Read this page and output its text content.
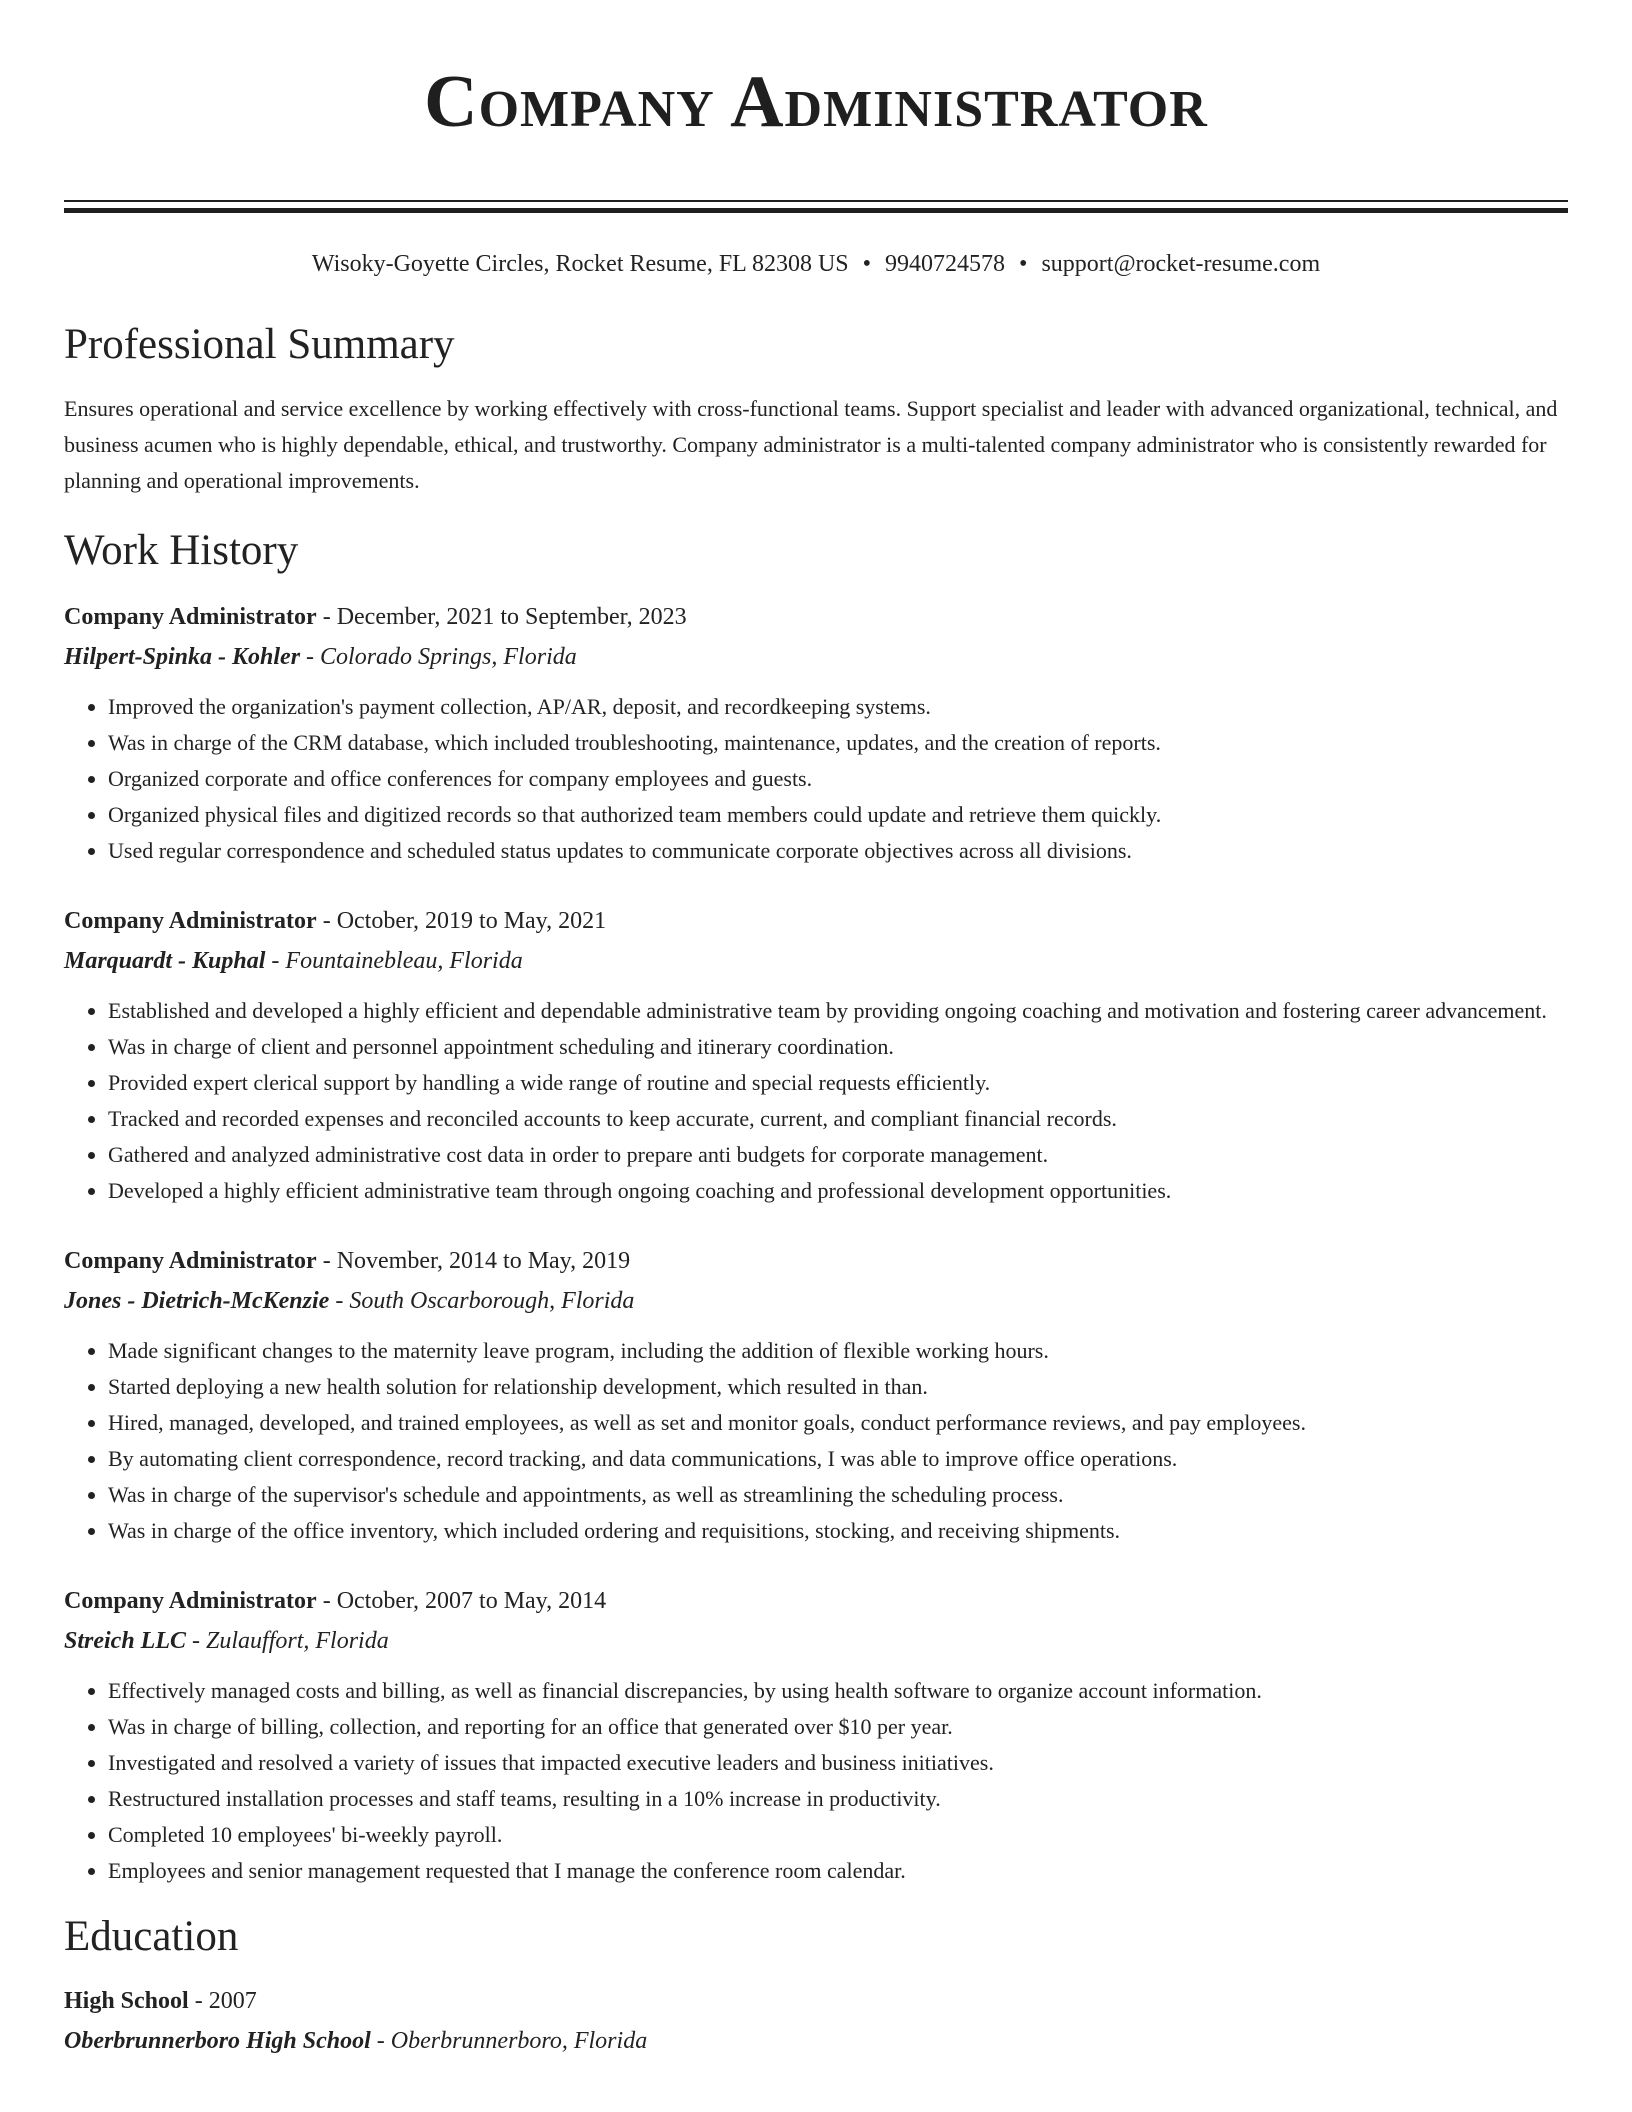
Company Administrator
Wisoky-Goyette Circles, Rocket Resume, FL 82308 US • 9940724578 • support@rocket-resume.com
Professional Summary
Ensures operational and service excellence by working effectively with cross-functional teams. Support specialist and leader with advanced organizational, technical, and business acumen who is highly dependable, ethical, and trustworthy. Company administrator is a multi-talented company administrator who is consistently rewarded for planning and operational improvements.
Work History
Company Administrator - December, 2021 to September, 2023
Hilpert-Spinka - Kohler - Colorado Springs, Florida
• Improved the organization's payment collection, AP/AR, deposit, and recordkeeping systems.
• Was in charge of the CRM database, which included troubleshooting, maintenance, updates, and the creation of reports.
• Organized corporate and office conferences for company employees and guests.
• Organized physical files and digitized records so that authorized team members could update and retrieve them quickly.
• Used regular correspondence and scheduled status updates to communicate corporate objectives across all divisions.
Company Administrator - October, 2019 to May, 2021
Marquardt - Kuphal - Fountainebleau, Florida
• Established and developed a highly efficient and dependable administrative team by providing ongoing coaching and motivation and fostering career advancement.
• Was in charge of client and personnel appointment scheduling and itinerary coordination.
• Provided expert clerical support by handling a wide range of routine and special requests efficiently.
• Tracked and recorded expenses and reconciled accounts to keep accurate, current, and compliant financial records.
• Gathered and analyzed administrative cost data in order to prepare anti budgets for corporate management.
• Developed a highly efficient administrative team through ongoing coaching and professional development opportunities.
Company Administrator - November, 2014 to May, 2019
Jones - Dietrich-McKenzie - South Oscarborough, Florida
• Made significant changes to the maternity leave program, including the addition of flexible working hours.
• Started deploying a new health solution for relationship development, which resulted in than.
• Hired, managed, developed, and trained employees, as well as set and monitor goals, conduct performance reviews, and pay employees.
• By automating client correspondence, record tracking, and data communications, I was able to improve office operations.
• Was in charge of the supervisor's schedule and appointments, as well as streamlining the scheduling process.
• Was in charge of the office inventory, which included ordering and requisitions, stocking, and receiving shipments.
Company Administrator - October, 2007 to May, 2014
Streich LLC - Zulauffort, Florida
• Effectively managed costs and billing, as well as financial discrepancies, by using health software to organize account information.
• Was in charge of billing, collection, and reporting for an office that generated over $10 per year.
• Investigated and resolved a variety of issues that impacted executive leaders and business initiatives.
• Restructured installation processes and staff teams, resulting in a 10% increase in productivity.
• Completed 10 employees' bi-weekly payroll.
• Employees and senior management requested that I manage the conference room calendar.
Education
High School - 2007
Oberbrunnerboro High School - Oberbrunnerboro, Florida
